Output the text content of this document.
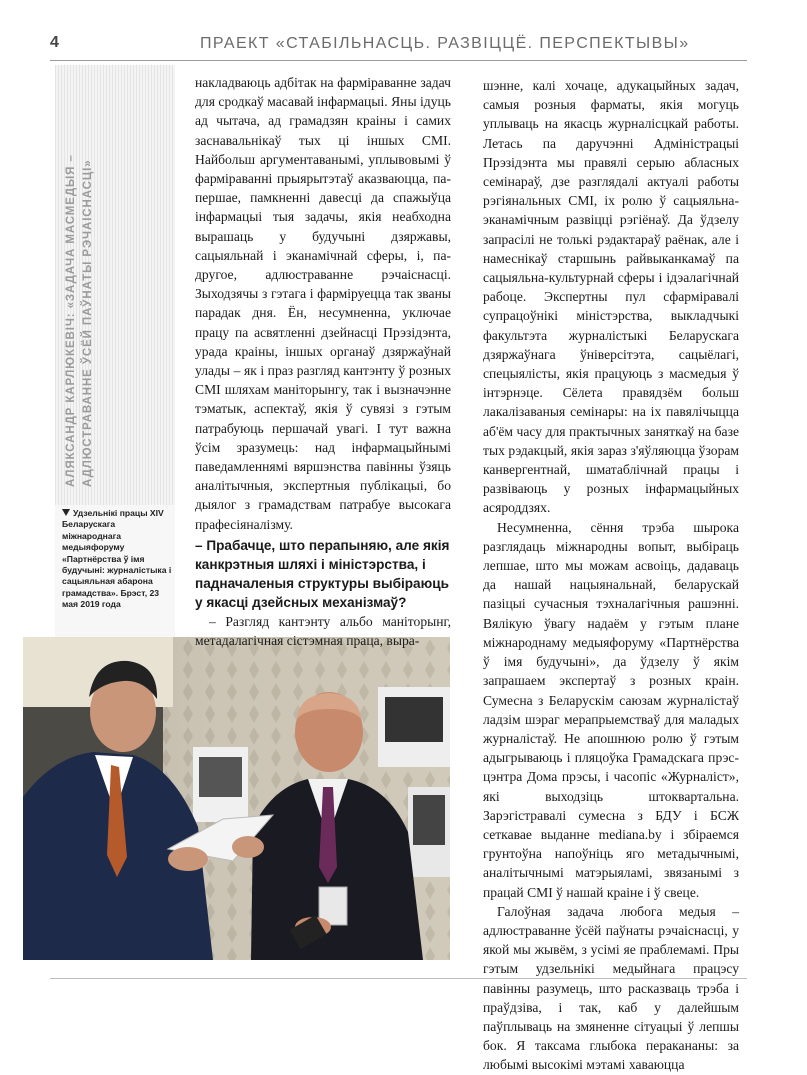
4	ПРАЕКТ «СТАБІЛЬНАСЦЬ. РАЗВІЦЦЁ. ПЕРСПЕКТЫВЫ»
АЛЯКСАНДР КАРЛЮКЕВІЧ: «ЗАДАЧА МАСМЕДЫЯ – АДЛЮСТРАВАННЕ ЎСЁЙ ПАЎНАТЫ РЭЧАІСНАСЦІ»
Удзельнікі працы XIV Беларускага міжнароднага медыяфоруму «Партнёрства ў імя будучыні: журналістыка і сацыяльная абарона грамадства». Брэст, 23 мая 2019 года

накладваюць адбітак на фарміраванне задач для сродкаў масавай інфармацыі. Яны ідуць ад чытача, ад грамадзян краіны і самих заснавальнікаў тых ці іншых СМІ. Найбольш аргументаванымі, уплывовымі ў фарміраванні прыярытэтаў аказваюцца, па-першае, памкненні давесці да спажыўца інфармацыі тыя задачы, якія неабходна вырашаць у будучыні дзяржавы, сацыяльнай і эканамічнай сферы, і, па-другое, адлюстраванне рэчаіснасці. Зыходзячы з гэтага і фарміруецца так званы парадак дня. Ён, несумненна, уключае працу па асвятленні дзейнасці Прэзідэнта, урада краіны, іншых органаў дзяржаўнай улады – як і праз разгляд кантэнту ў розных СМІ шляхам маніторынгу, так і вызначэнне тэматык, аспектаў, якія ў сувязі з гэтым патрабуюць першачай увагі. І тут важна ўсім зразумець: над інфармацыйнымі паведамленнямі вяршэнства павінны ўзяць аналітычныя, экспертныя публікацыі, бо дыялог з грамадствам патрабуе высокага прафесіяналізму.

– Прабачце, што перапыняю, але якія канкрэтныя шляхі і міністэрства, і падначаленыя структуры выбіраюць у якасці дзейсных механізмаў?

– Разгляд кантэнту альбо маніторынг, метадалагічная сістэмная праца, выра-

шэнне, калі хочаце, адукацыйных задач, самыя розныя фарматы, якія могуць уплываць на якасць журналісцкай работы. Летась па даручэнні Адміністрацыі Прэзідэнта мы правялі серыю абласных семінараў, дзе разглядалі актуалі работы рэгіянальных СМІ, іх ролю ў сацыяльна-эканамічным развіцці рэгіёнаў. Да ўдзелу запрасілі не толькі рэдактараў раёнак, але і намеснікаў старшынь райвыканкамаў па сацыяльна-культурнай сферы і ідэалагічнай рабоце. Экспертны пул сфарміравалі супрацоўнікі міністэрства, выкладчыкі факультэта журналістыкі Беларускага дзяржаўнага ўніверсітэта, сацыёлагі, спецыялісты, якія працуюць з масмедыя ў інтэрнэце. Сёлета правядзём больш лакалізаваныя семінары: на іх павялічыцца аб'ём часу для практычных заняткаў на базе тых рэдакцый, якія зараз з'яўляюцца ўзорам канвергентнай, шматаблічнай працы і развіваюць у розных інфармацыйных асяроддзях.

Несумненна, сёння трэба шырока разглядаць міжнародны вопыт, выбіраць лепшае, што мы можам асвоіць, дадаваць да нашай нацыянальнай, беларускай пазіцыі сучасныя тэхналагічныя рашэнні. Вялікую ўвагу надаём у гэтым плане міжнароднаму медыяфоруму «Партнёрства ў імя будучыні», да ўдзелу ў якім запрашаем экспертаў з розных краін. Сумесна з Беларускім саюзам журналістаў ладзім шэраг мерапрыемстваў для маладых журналістаў. Не апошнюю ролю ў гэтым адыгрываюць і пляцоўка Грамадскага прэс-цэнтра Дома прэсы, і часопіс «Журналіст», які выходзіць штоквартальна. Зарэгістравалі сумесна з БДУ і БСЖ сеткавае выданне mediana.by і збіраемся грунтоўна напоўніць яго метадычнымі, аналітычнымі матэрыяламі, звязанымі з працай СМІ ў нашай краіне і ў свеце.

Галоўная задача любога медыя – адлюстраванне ўсёй паўнаты рэчаіснасці, у якой мы жывём, з усімі яе праблемамі. Пры гэтым удзельнікі медыйнага працэсу павінны разумець, што расказваць трэба і праўдзіва, і так, каб у далейшым паўплываць на змяненне сітуацыі ў лепшы бок. Я таксама глыбока перакананы: за любымі высокімі мэтамі хаваюцца
